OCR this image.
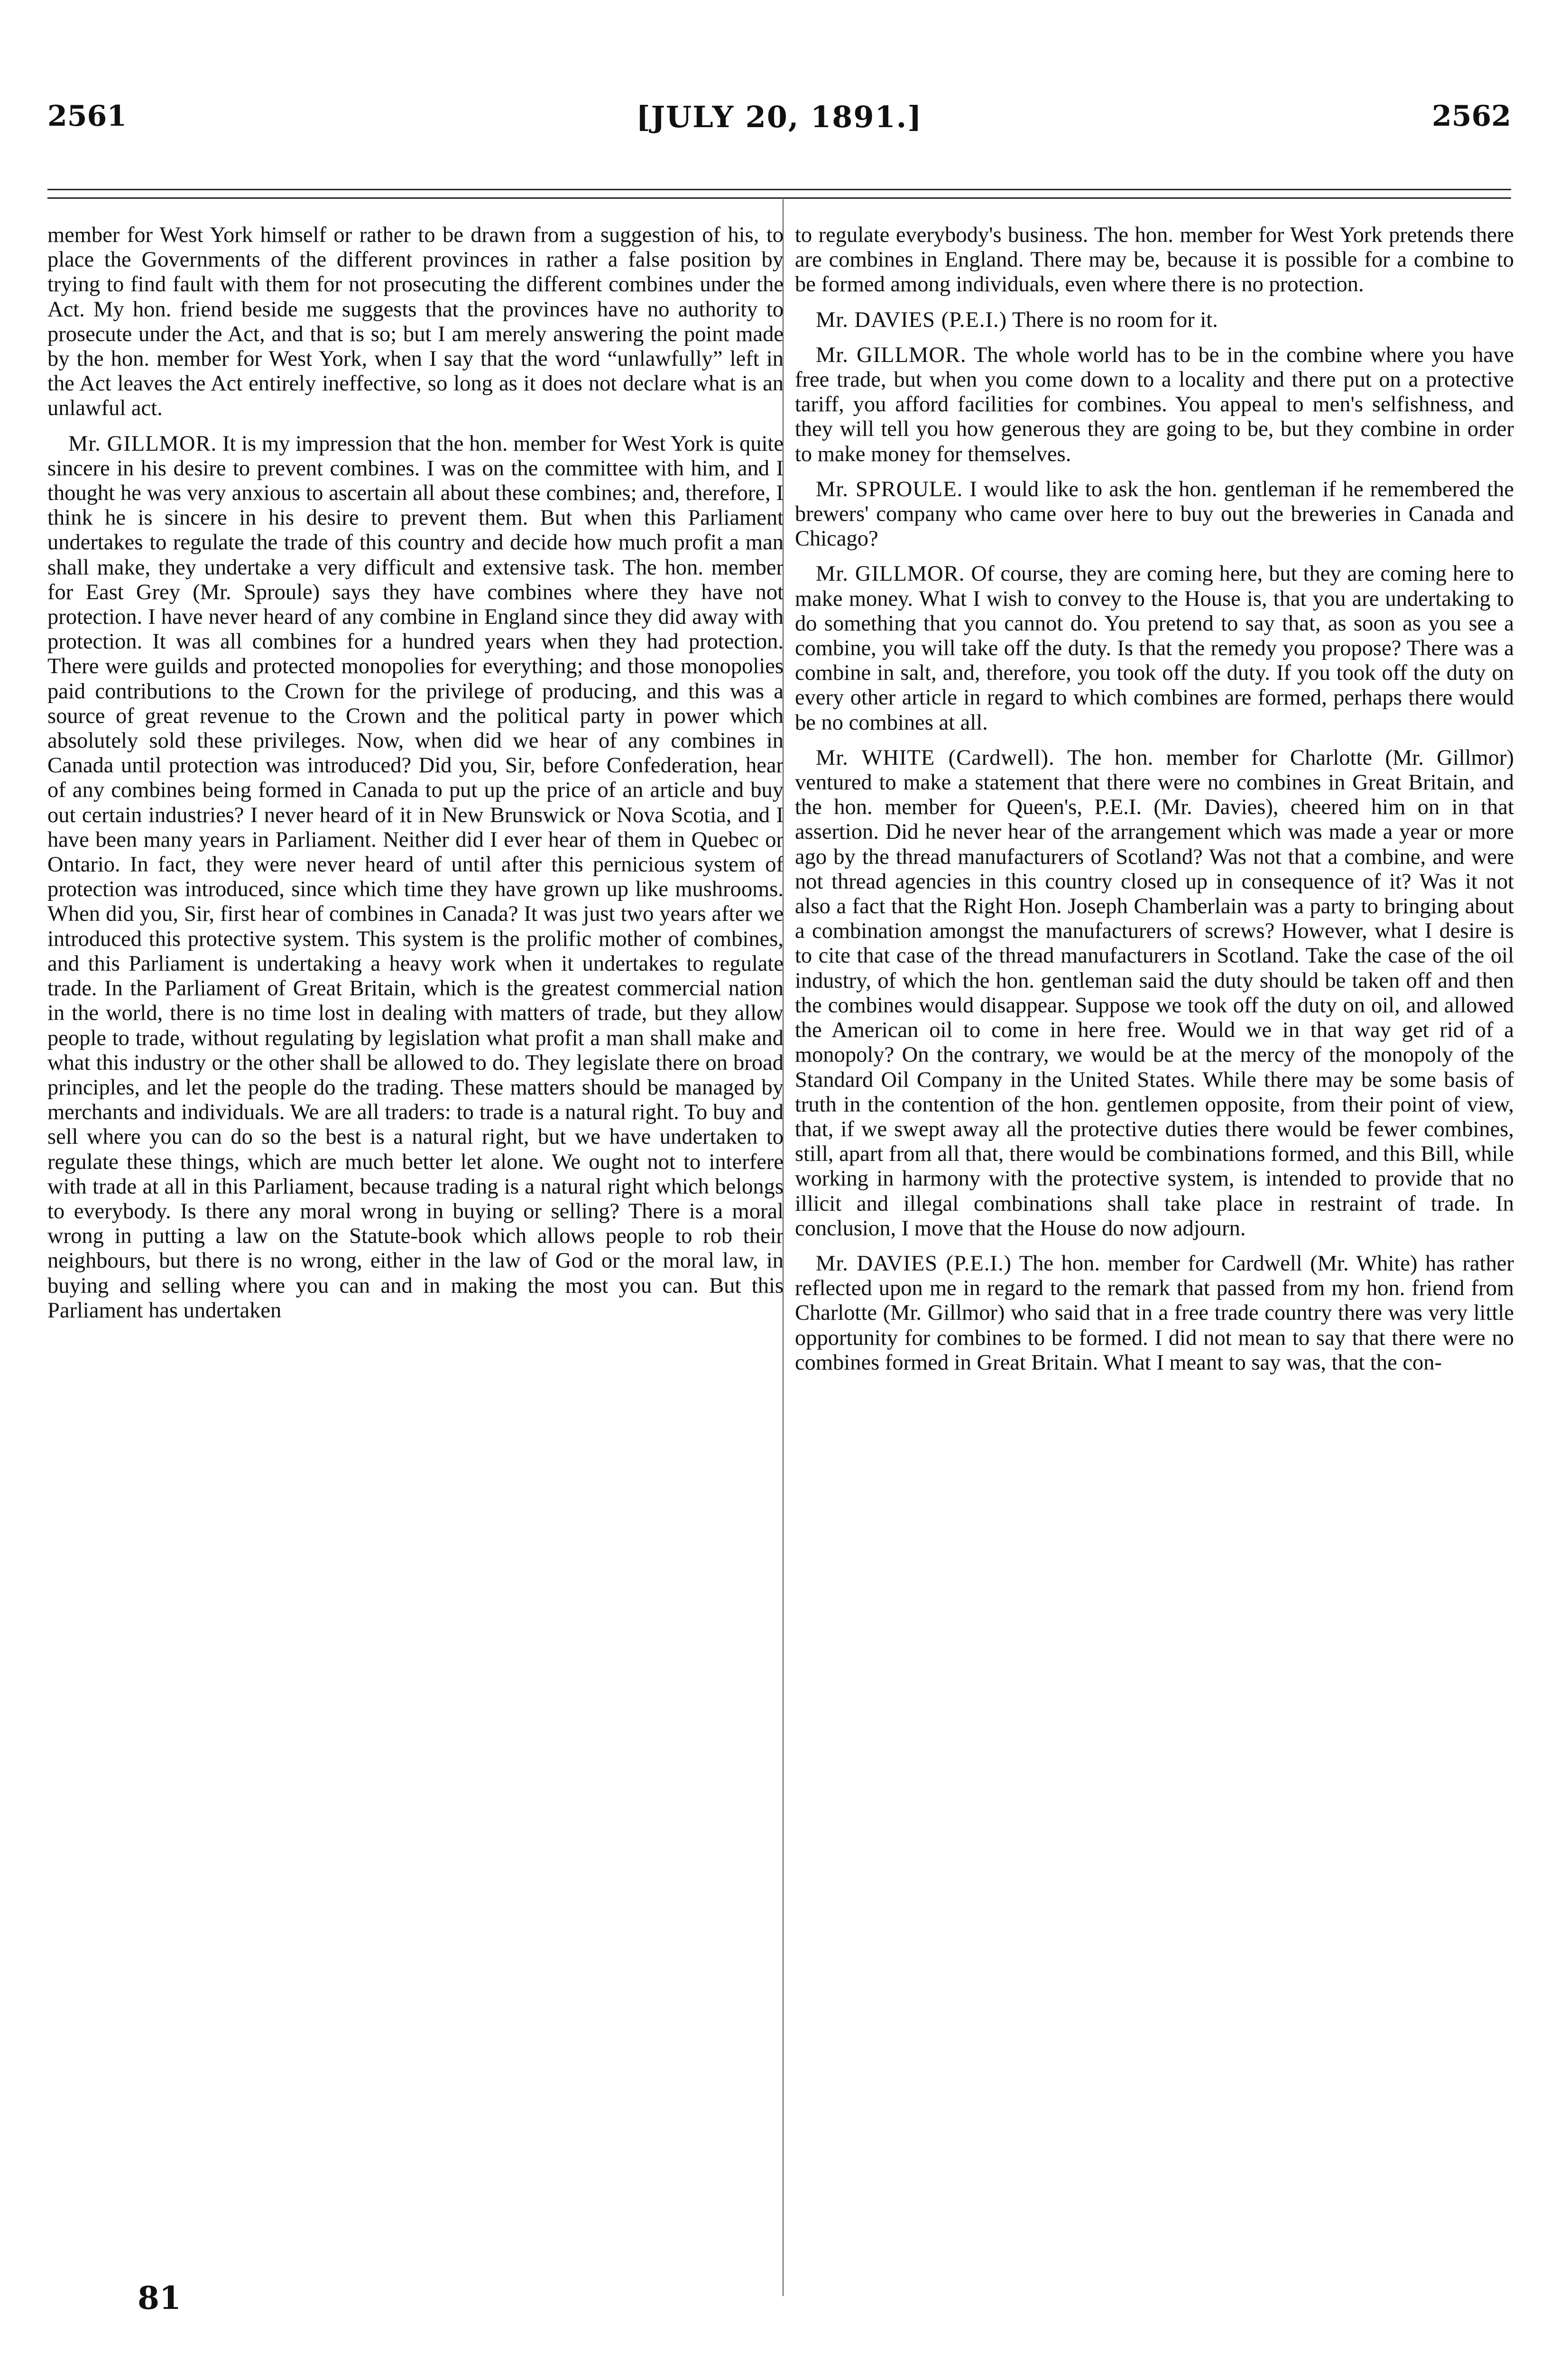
2561	[JULY 20, 1891.]	2562

member for West York himself or rather to be drawn from a suggestion of his, to place the Governments of the different provinces in rather a false position by trying to find fault with them for not prosecuting the different combines under the Act. My hon. friend beside me suggests that the provinces have no authority to prosecute under the Act, and that is so; but I am merely answering the point made by the hon. member for West York, when I say that the word “unlawfully” left in the Act leaves the Act entirely ineffective, so long as it does not declare what is an unlawful act.

Mr. GILLMOR. It is my impression that the hon. member for West York is quite sincere in his desire to prevent combines. I was on the committee with him, and I thought he was very anxious to ascertain all about these combines; and, therefore, I think he is sincere in his desire to prevent them. But when this Parliament undertakes to regulate the trade of this country and decide how much profit a man shall make, they undertake a very difficult and extensive task. The hon. member for East Grey (Mr. Sproule) says they have combines where they have not protection. I have never heard of any combine in England since they did away with protection. It was all combines for a hundred years when they had protection. There were guilds and protected monopolies for everything; and those monopolies paid contributions to the Crown for the privilege of producing, and this was a source of great revenue to the Crown and the political party in power which absolutely sold these privileges. Now, when did we hear of any combines in Canada until protection was introduced? Did you, Sir, before Confederation, hear of any combines being formed in Canada to put up the price of an article and buy out certain industries? I never heard of it in New Brunswick or Nova Scotia, and I have been many years in Parliament. Neither did I ever hear of them in Quebec or Ontario. In fact, they were never heard of until after this pernicious system of protection was introduced, since which time they have grown up like mushrooms. When did you, Sir, first hear of combines in Canada? It was just two years after we introduced this protective system. This system is the prolific mother of combines, and this Parliament is undertaking a heavy work when it undertakes to regulate trade. In the Parliament of Great Britain, which is the greatest commercial nation in the world, there is no time lost in dealing with matters of trade, but they allow people to trade, without regulating by legislation what profit a man shall make and what this industry or the other shall be allowed to do. They legislate there on broad principles, and let the people do the trading. These matters should be managed by merchants and individuals. We are all traders: to trade is a natural right. To buy and sell where you can do so the best is a natural right, but we have undertaken to regulate these things, which are much better let alone. We ought not to interfere with trade at all in this Parliament, because trading is a natural right which belongs to everybody. Is there any moral wrong in buying or selling? There is a moral wrong in putting a law on the Statute-book which allows people to rob their neighbours, but there is no wrong, either in the law of God or the moral law, in buying and selling where you can and in making the most you can. But this Parliament has undertaken

to regulate everybody's business. The hon. member for West York pretends there are combines in England. There may be, because it is possible for a combine to be formed among individuals, even where there is no protection.

Mr. DAVIES (P.E.I.) There is no room for it.

Mr. GILLMOR. The whole world has to be in the combine where you have free trade, but when you come down to a locality and there put on a protective tariff, you afford facilities for combines. You appeal to men's selfishness, and they will tell you how generous they are going to be, but they combine in order to make money for themselves.

Mr. SPROULE. I would like to ask the hon. gentleman if he remembered the brewers' company who came over here to buy out the breweries in Canada and Chicago?

Mr. GILLMOR. Of course, they are coming here, but they are coming here to make money. What I wish to convey to the House is, that you are undertaking to do something that you cannot do. You pretend to say that, as soon as you see a combine, you will take off the duty. Is that the remedy you propose? There was a combine in salt, and, therefore, you took off the duty. If you took off the duty on every other article in regard to which combines are formed, perhaps there would be no combines at all.

Mr. WHITE (Cardwell). The hon. member for Charlotte (Mr. Gillmor) ventured to make a statement that there were no combines in Great Britain, and the hon. member for Queen's, P.E.I. (Mr. Davies), cheered him on in that assertion. Did he never hear of the arrangement which was made a year or more ago by the thread manufacturers of Scotland? Was not that a combine, and were not thread agencies in this country closed up in consequence of it? Was it not also a fact that the Right Hon. Joseph Chamberlain was a party to bringing about a combination amongst the manufacturers of screws? However, what I desire is to cite that case of the thread manufacturers in Scotland. Take the case of the oil industry, of which the hon. gentleman said the duty should be taken off and then the combines would disappear. Suppose we took off the duty on oil, and allowed the American oil to come in here free. Would we in that way get rid of a monopoly? On the contrary, we would be at the mercy of the monopoly of the Standard Oil Company in the United States. While there may be some basis of truth in the contention of the hon. gentlemen opposite, from their point of view, that, if we swept away all the protective duties there would be fewer combines, still, apart from all that, there would be combinations formed, and this Bill, while working in harmony with the protective system, is intended to provide that no illicit and illegal combinations shall take place in restraint of trade. In conclusion, I move that the House do now adjourn.

Mr. DAVIES (P.E.I.) The hon. member for Cardwell (Mr. White) has rather reflected upon me in regard to the remark that passed from my hon. friend from Charlotte (Mr. Gillmor) who said that in a free trade country there was very little opportunity for combines to be formed. I did not mean to say that there were no combines formed in Great Britain. What I meant to say was, that the con-

81
